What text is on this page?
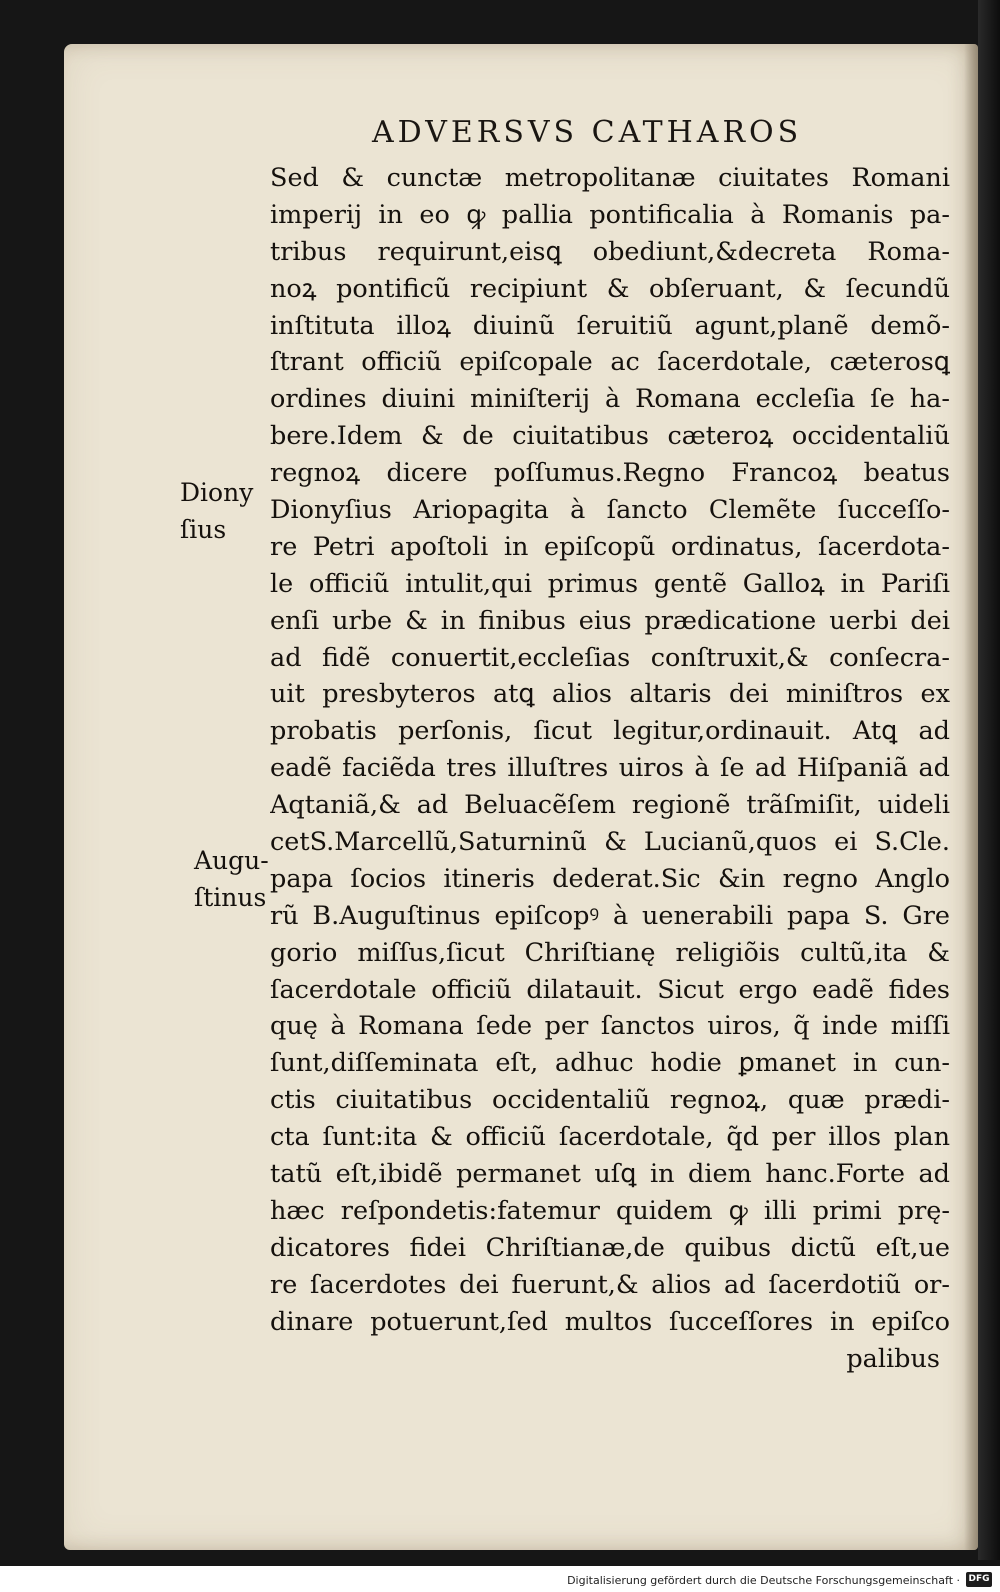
ADVERSVS CATHAROS
Diony
ſius
Augu-
ſtinus
Sed & cunctæ metropolitanæ ciuitates Romani
imperij in eo ꝙ pallia pontificalia à Romanis pa-
tribus requirunt,eisꝗ obediunt,&decreta Roma-
noꝝ pontificũ recipiunt & obſeruant, & ſecundũ
inſtituta illoꝝ diuinũ ſeruitiũ agunt,planẽ demõ-
ſtrant officiũ epiſcopale ac ſacerdotale, cæterosꝗ
ordines diuini miniſterij à Romana eccleſia ſe ha-
bere.Idem & de ciuitatibus cæteroꝝ occidentaliũ
regnoꝝ dicere poſſumus.Regno Francoꝝ beatus
Dionyſius Ariopagita à ſancto Clemẽte ſucceſſo-
re Petri apoſtoli in epiſcopũ ordinatus, ſacerdota-
le officiũ intulit,qui primus gentẽ Galloꝝ in Pariſi
enſi urbe & in finibus eius prædicatione uerbi dei
ad fidẽ conuertit,eccleſias conſtruxit,& conſecra-
uit presbyteros atꝗ alios altaris dei miniſtros ex
probatis perſonis, ſicut legitur,ordinauit. Atꝗ ad
eadẽ faciẽda tres illuſtres uiros à ſe ad Hiſpaniã ad
Aqtaniã,& ad Beluacẽſem regionẽ trãſmiſit, uideli
cetS.Marcellũ,Saturninũ & Lucianũ,quos ei S.Cle.
papa ſocios itineris dederat.Sic &in regno Anglo
rũ B.Auguſtinus epiſcopꝰ à uenerabili papa S. Gre
gorio miſſus,ſicut Chriſtianę religiõis cultũ,ita &
ſacerdotale officiũ dilatauit. Sicut ergo eadẽ fides
quę à Romana ſede per ſanctos uiros, q̃ inde miſſi
ſunt,diſſeminata eſt, adhuc hodie ꝑmanet in cun-
ctis ciuitatibus occidentaliũ regnoꝝ, quæ prædi-
cta ſunt:ita & officiũ ſacerdotale, q̃d per illos plan
tatũ eſt,ibidẽ permanet uſꝗ in diem hanc.Forte ad
hæc reſpondetis:fatemur quidem ꝙ illi primi prę-
dicatores fidei Chriſtianæ,de quibus dictũ eſt,ue
re ſacerdotes dei fuerunt,& alios ad ſacerdotiũ or-
dinare potuerunt,ſed multos ſucceſſores in epiſco
palibus
Digitalisierung gefördert durch die Deutsche Forschungsgemeinschaft · DFG
